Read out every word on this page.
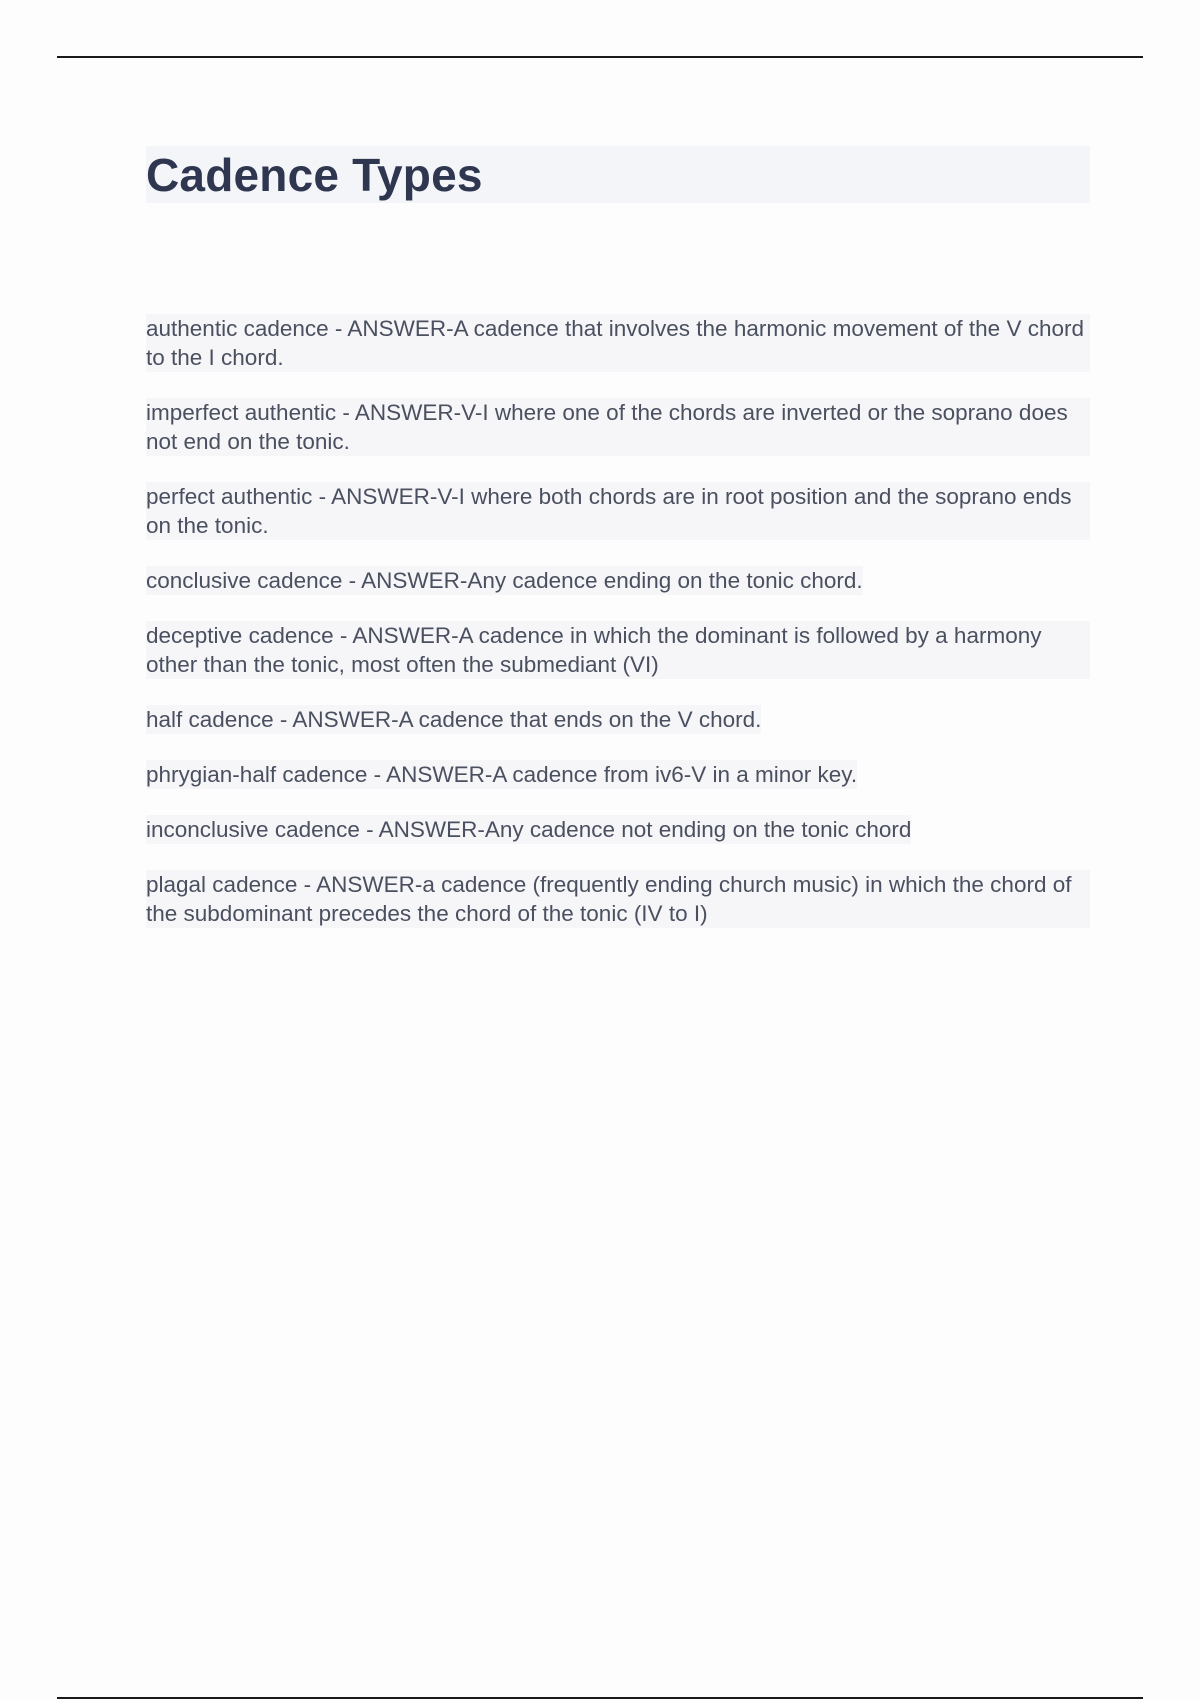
Cadence Types
authentic cadence - ANSWER-A cadence that involves the harmonic movement of the V chord to the I chord.
imperfect authentic - ANSWER-V-I where one of the chords are inverted or the soprano does not end on the tonic.
perfect authentic - ANSWER-V-I where both chords are in root position and the soprano ends on the tonic.
conclusive cadence - ANSWER-Any cadence ending on the tonic chord.
deceptive cadence - ANSWER-A cadence in which the dominant is followed by a harmony other than the tonic, most often the submediant (VI)
half cadence - ANSWER-A cadence that ends on the V chord.
phrygian-half cadence - ANSWER-A cadence from iv6-V in a minor key.
inconclusive cadence - ANSWER-Any cadence not ending on the tonic chord
plagal cadence - ANSWER-a cadence (frequently ending church music) in which the chord of the subdominant precedes the chord of the tonic (IV to I)
